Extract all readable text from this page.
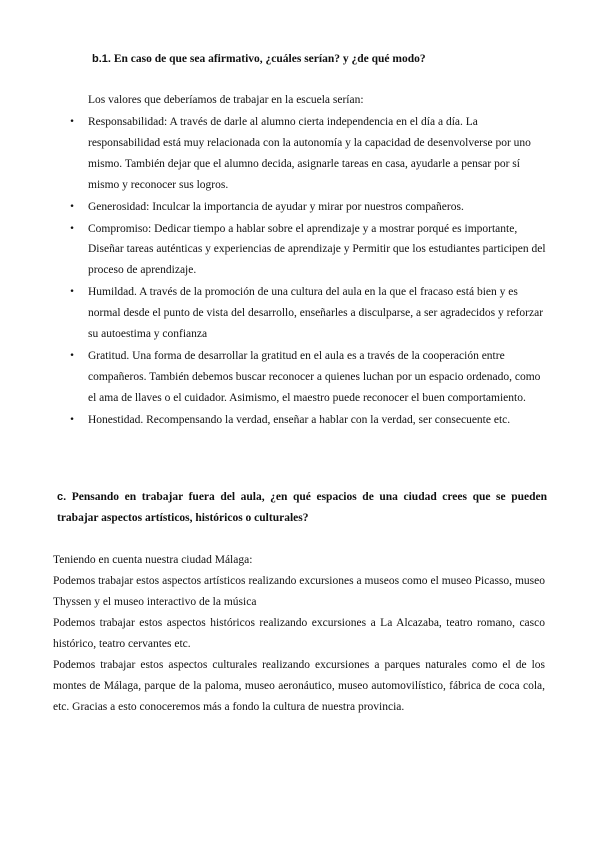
b.1. En caso de que sea afirmativo, ¿cuáles serían? y ¿de qué modo?

Los valores que deberíamos de trabajar en la escuela serían:

• Responsabilidad: A través de darle al alumno cierta independencia en el día a día. La responsabilidad está muy relacionada con la autonomía y la capacidad de desenvolverse por uno mismo. También dejar que el alumno decida, asignarle tareas en casa, ayudarle a pensar por sí mismo y reconocer sus logros.
• Generosidad: Inculcar la importancia de ayudar y mirar por nuestros compañeros.
• Compromiso: Dedicar tiempo a hablar sobre el aprendizaje y a mostrar porqué es importante, Diseñar tareas auténticas y experiencias de aprendizaje y Permitir que los estudiantes participen del proceso de aprendizaje.
• Humildad. A través de la promoción de una cultura del aula en la que el fracaso está bien y es normal desde el punto de vista del desarrollo, enseñarles a disculparse, a ser agradecidos y reforzar su autoestima y confianza
• Gratitud. Una forma de desarrollar la gratitud en el aula es a través de la cooperación entre compañeros. También debemos buscar reconocer a quienes luchan por un espacio ordenado, como el ama de llaves o el cuidador. Asimismo, el maestro puede reconocer el buen comportamiento.
• Honestidad. Recompensando la verdad, enseñar a hablar con la verdad, ser consecuente etc.
c. Pensando en trabajar fuera del aula, ¿en qué espacios de una ciudad crees que se pueden trabajar aspectos artísticos, históricos o culturales?

Teniendo en cuenta nuestra ciudad Málaga:

Podemos trabajar estos aspectos artísticos realizando excursiones a museos como el museo Picasso, museo Thyssen y el museo interactivo de la música

Podemos trabajar estos aspectos históricos realizando excursiones a La Alcazaba, teatro romano, casco histórico, teatro cervantes etc.

Podemos trabajar estos aspectos culturales realizando excursiones a parques naturales como el de los montes de Málaga, parque de la paloma, museo aeronáutico, museo automovilístico, fábrica de coca cola, etc. Gracias a esto conoceremos más a fondo la cultura de nuestra provincia.
